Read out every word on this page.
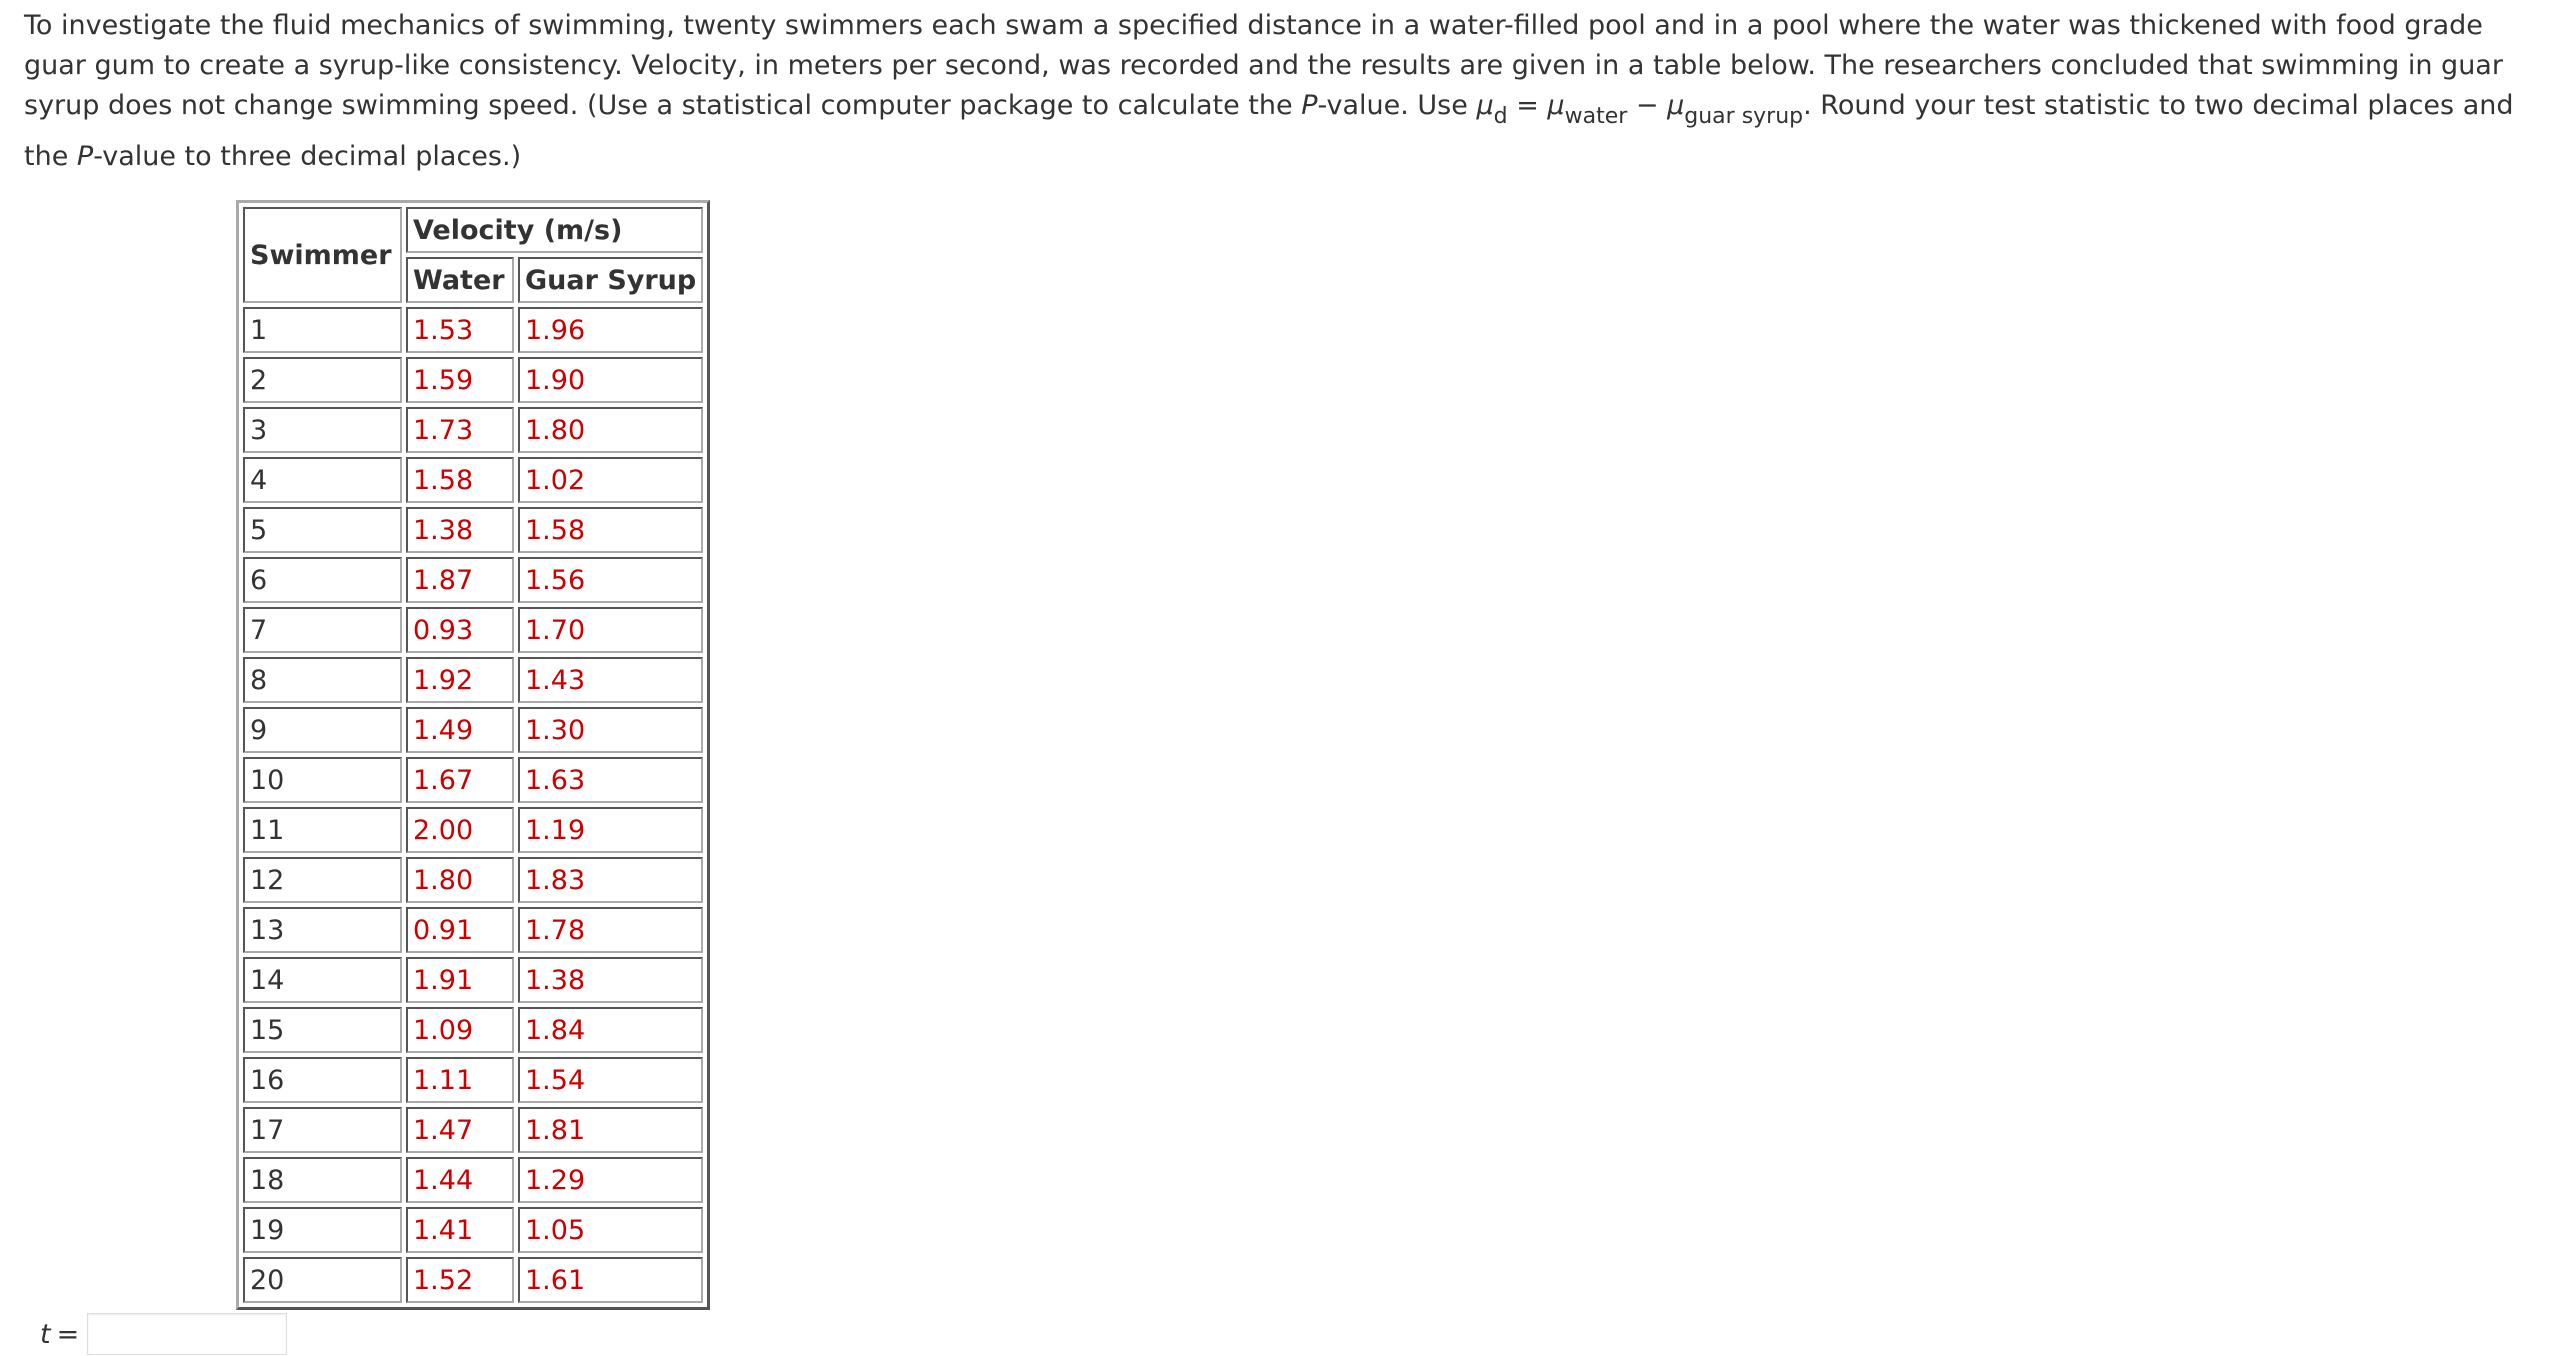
To investigate the fluid mechanics of swimming, twenty swimmers each swam a specified distance in a water-filled pool and in a pool where the water was thickened with food grade guar gum to create a syrup-like consistency. Velocity, in meters per second, was recorded and the results are given in a table below. The researchers concluded that swimming in guar syrup does not change swimming speed. (Use a statistical computer package to calculate the P-value. Use $\mu_d = \mu_{water} - \mu_{guar syrup}$. Round your test statistic to two decimal places and the P-value to three decimal places.)
Swimmer	Velocity (m/s)	
	Water	Guar Syrup
1	1.53	1.96
2	1.59	1.90
3	1.73	1.80
4	1.58	1.02
5	1.38	1.58
6	1.87	1.56
7	0.93	1.70
8	1.92	1.43
9	1.49	1.30
10	1.67	1.63
11	2.00	1.19
12	1.80	1.83
13	0.91	1.78
14	1.91	1.38
15	1.09	1.84
16	1.11	1.54
17	1.47	1.81
18	1.44	1.29
19	1.41	1.05
20	1.52	1.61
t =
